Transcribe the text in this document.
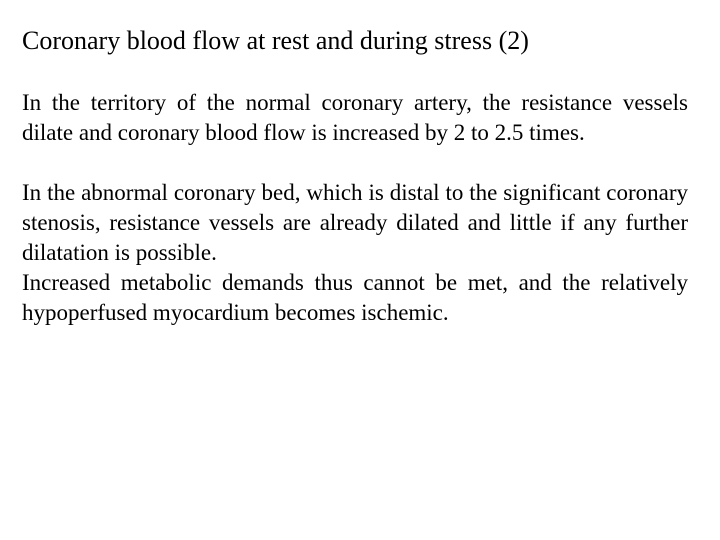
Coronary blood flow at rest and during stress (2)

In the territory of the normal coronary artery, the resistance vessels dilate and coronary blood flow is increased by 2 to 2.5 times.

In the abnormal coronary bed, which is distal to the significant coronary stenosis, resistance vessels are already dilated and little if any further dilatation is possible.

Increased metabolic demands thus cannot be met, and the relatively hypoperfused myocardium becomes ischemic.
